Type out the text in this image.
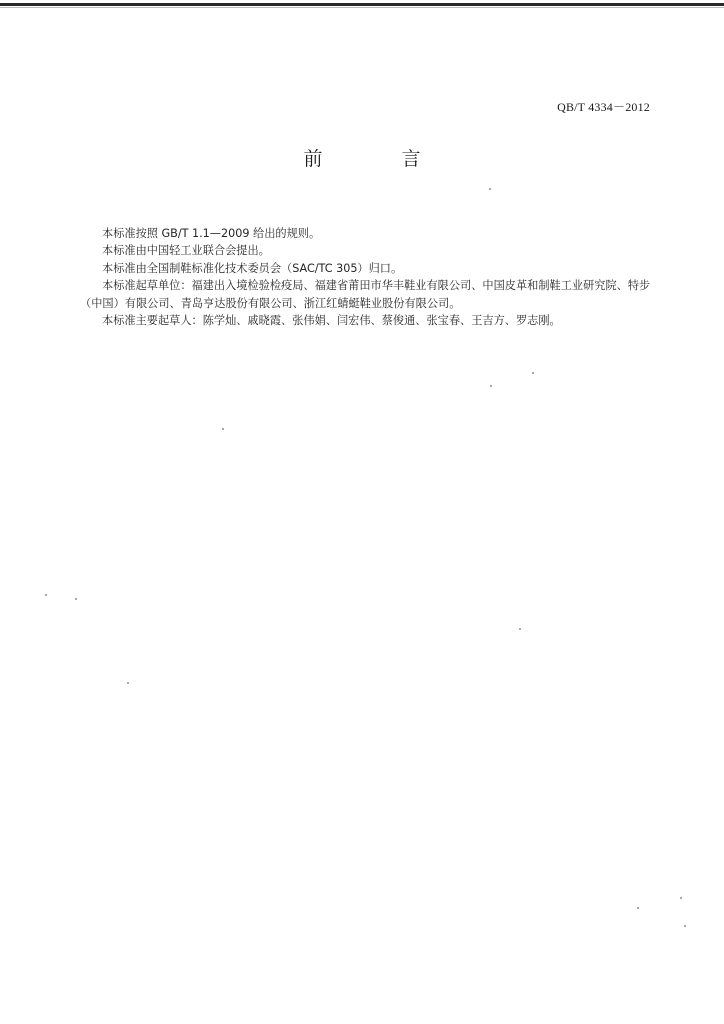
QB/T 4334－2012
前　言

本标准按照 GB/T 1.1—2009 给出的规则。

本标准由中国轻工业联合会提出。

本标准由全国制鞋标准化技术委员会（SAC/TC 305）归口。

本标准起草单位：福建出入境检验检疫局、福建省莆田市华丰鞋业有限公司、中国皮革和制鞋工业研究院、特步（中国）有限公司、青岛亨达股份有限公司、浙江红蜻蜓鞋业股份有限公司。

本标准主要起草人：陈学灿、戚晓霞、张伟娟、闫宏伟、蔡俊通、张宝春、王吉方、罗志刚。
